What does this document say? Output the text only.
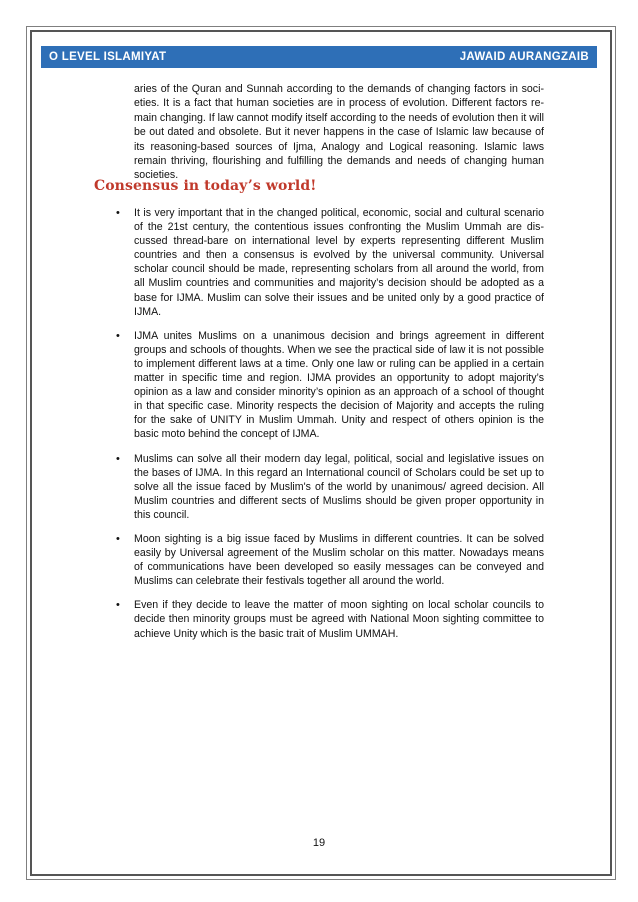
O LEVEL ISLAMIYAT	JAWAID AURANGZAIB

aries of the Quran and Sunnah according to the demands of changing factors in soci-eties. It is a fact that human societies are in process of evolution. Different factors re-main changing. If law cannot modify itself according to the needs of evolution then it will be out dated and obsolete. But it never happens in the case of Islamic law because of its reasoning-based sources of Ijma, Analogy and Logical reasoning. Islamic laws remain thriving, flourishing and fulfilling the demands and needs of changing human societies.

Consensus in today’s world!
• It is very important that in the changed political, economic, social and cultural scenario of the 21st century, the contentious issues confronting the Muslim Ummah are dis-cussed thread-bare on international level by experts representing different Muslim countries and then a consensus is evolved by the universal community. Universal scholar council should be made, representing scholars from all around the world, from all Muslim countries and communities and majority’s decision should be adopted as a base for IJMA. Muslim can solve their issues and be united only by a good practice of IJMA.
• IJMA unites Muslims on a unanimous decision and brings agreement in different groups and schools of thoughts. When we see the practical side of law it is not possible to implement different laws at a time. Only one law or ruling can be applied in a certain matter in specific time and region. IJMA provides an opportunity to adopt majority’s opinion as a law and consider minority’s opinion as an approach of a school of thought in that specific case. Minority respects the decision of Majority and accepts the ruling for the sake of UNITY in Muslim Ummah. Unity and respect of others opinion is the basic moto behind the concept of IJMA.
• Muslims can solve all their modern day legal, political, social and legislative issues on the bases of IJMA. In this regard an International council of Scholars could be set up to solve all the issue faced by Muslim's of the world by unanimous/ agreed decision. All Muslim countries and different sects of Muslims should be given proper opportunity in this council.
• Moon sighting is a big issue faced by Muslims in different countries. It can be solved easily by Universal agreement of the Muslim scholar on this matter. Nowadays means of communications have been developed so easily messages can be conveyed and Muslims can celebrate their festivals together all around the world.
• Even if they decide to leave the matter of moon sighting on local scholar councils to decide then minority groups must be agreed with National Moon sighting committee to achieve Unity which is the basic trait of Muslim UMMAH.
19
